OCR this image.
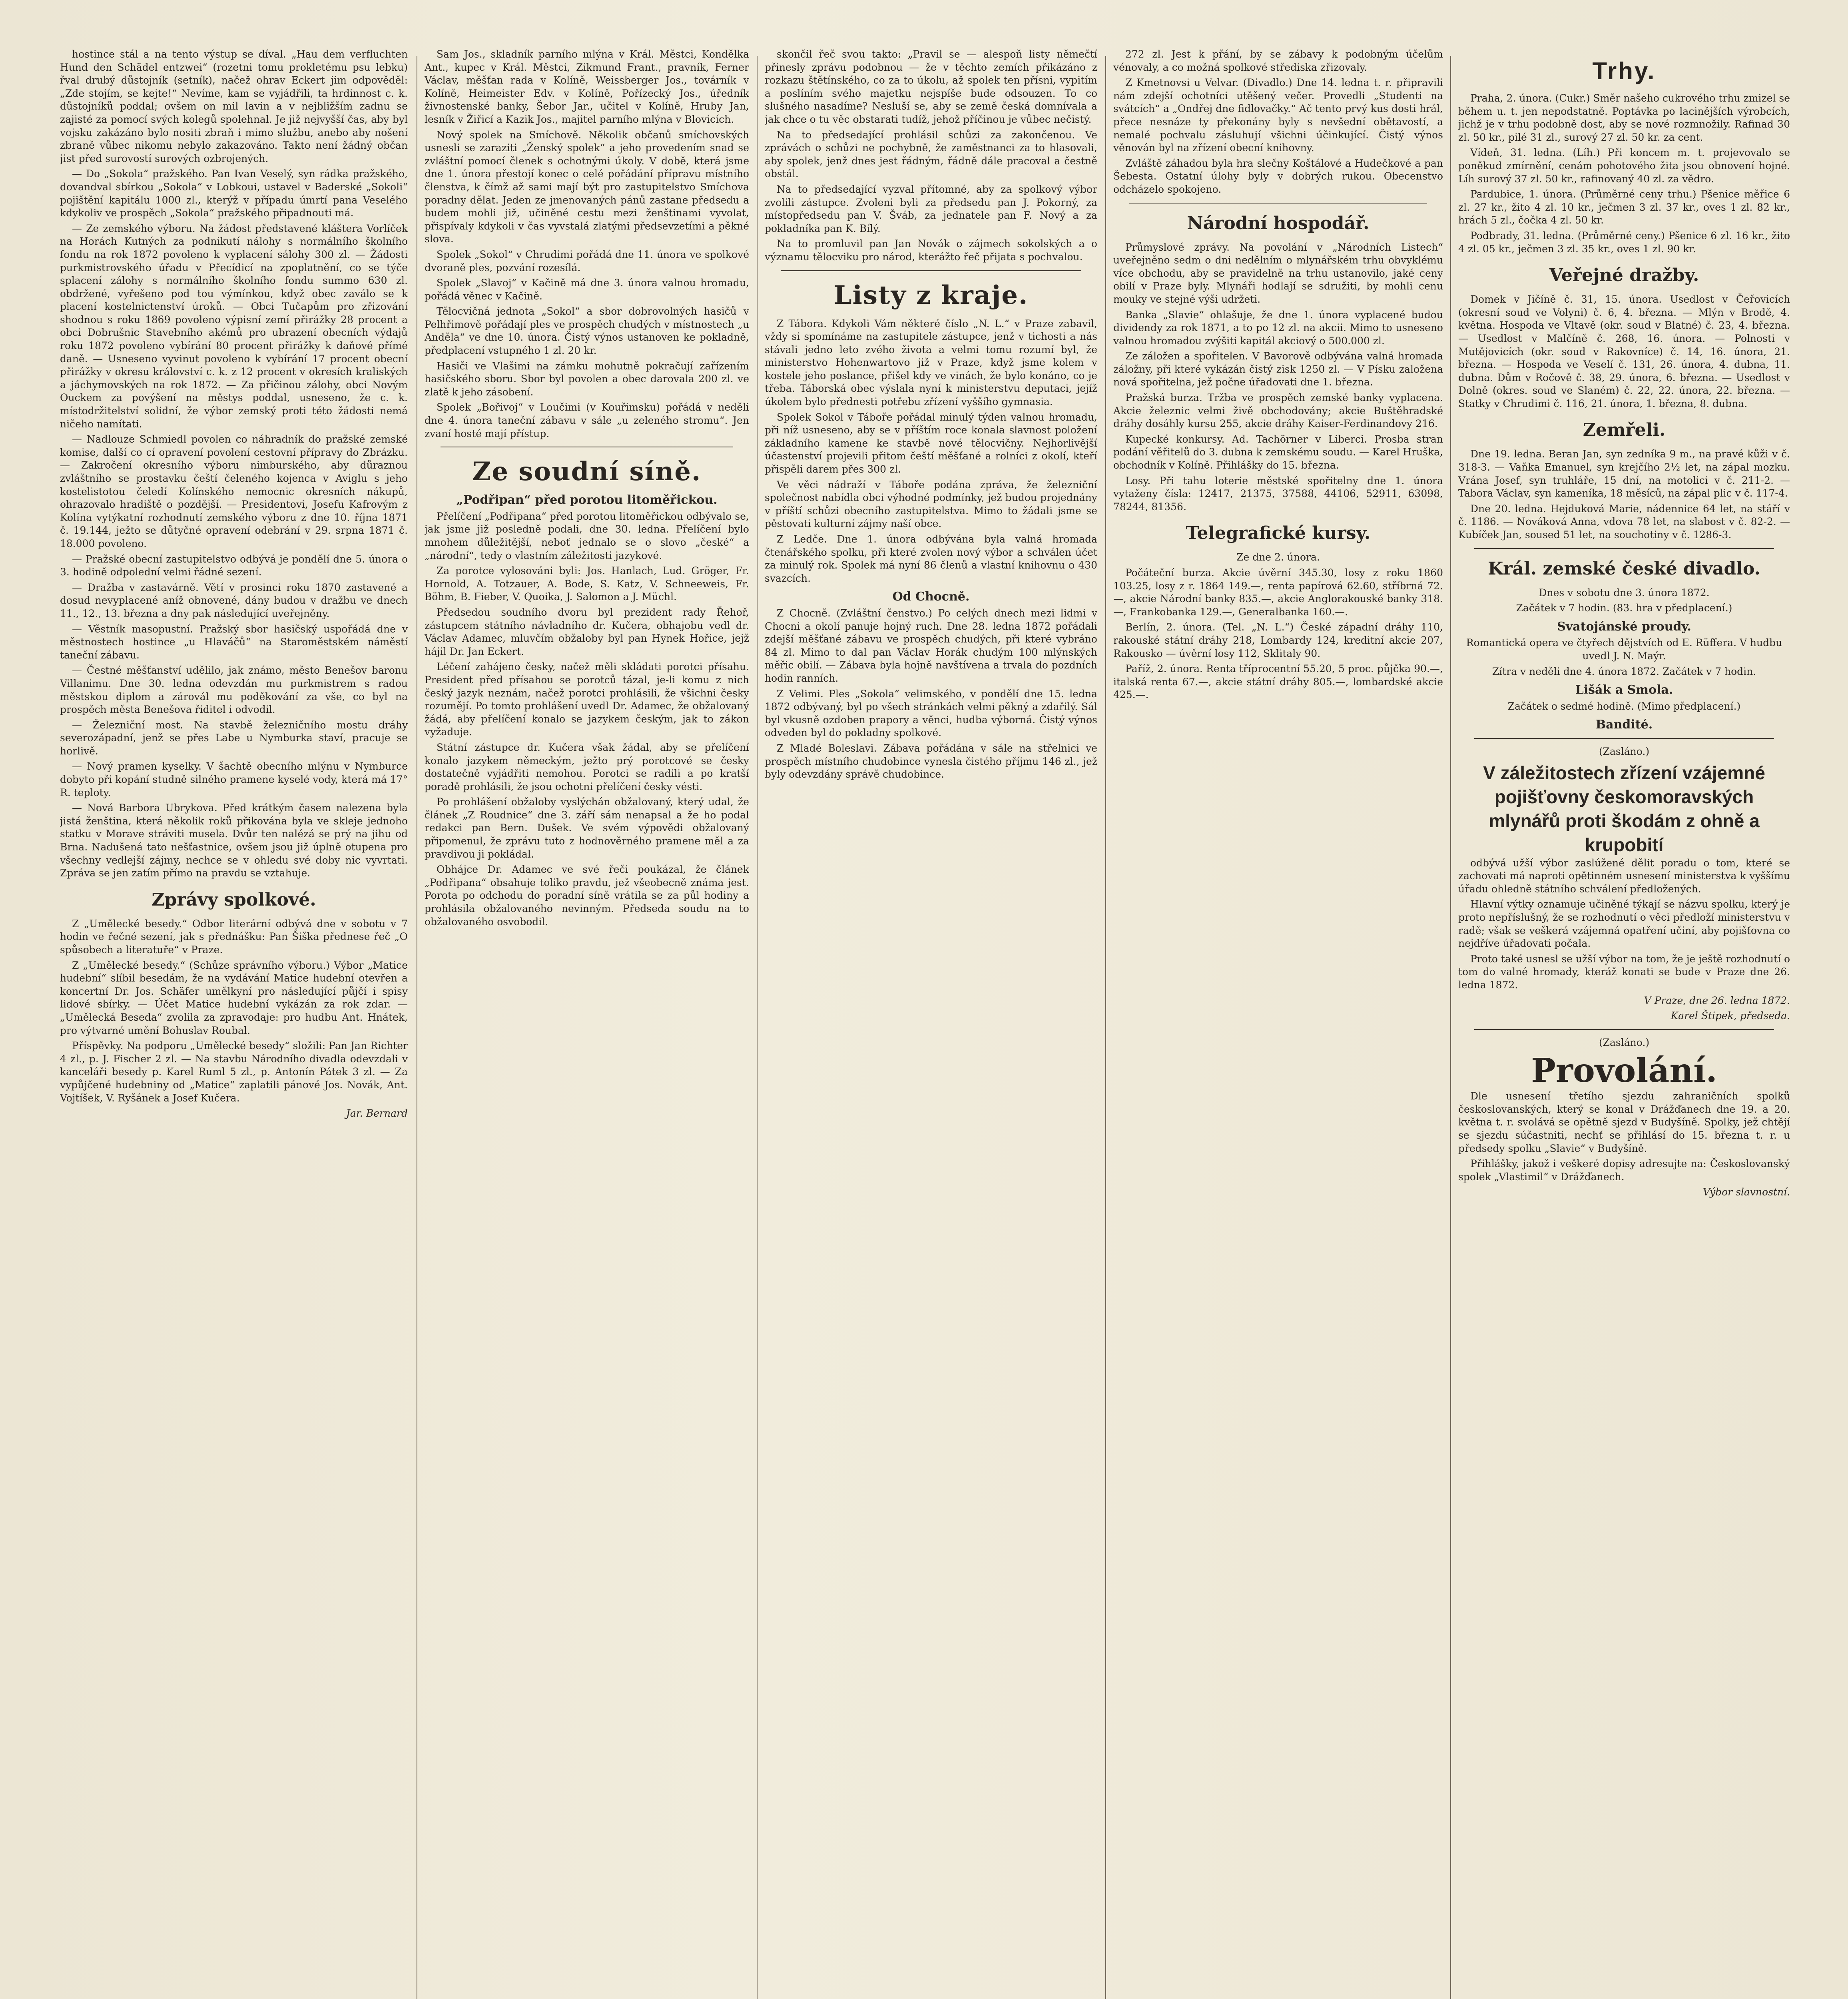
hostince stál a na tento výstup se díval. „Hau dem verfluchten Hund den Schädel entzwei“ (rozetni tomu prokletému psu lebku) řval drubý důstojník (setník), načež ohrav Eckert jim odpověděl: „Zde stojím, se kejte!“ Nevíme, kam se vyjádřili, ta hrdinnost c. k. důstojníků poddal; ovšem on mil lavin a v nejbližším zadnu se zajisté za pomocí svých kolegů spolehnal. Je již nejvyšší čas, aby byl vojsku zakázáno bylo nositi zbraň i mimo službu, anebo aby nošení zbraně vůbec nikomu nebylo zakazováno. Takto není žádný občan jist před surovostí surových ozbrojených.

— Do „Sokola“ pražského. Pan Ivan Veselý, syn rádka pražského, dovandval sbírkou „Sokola“ v Lobkoui, ustavel v Baderské „Sokoli“ pojištění kapitálu 1000 zl., kterýž v případu úmrtí pana Veselého kdykoliv ve prospěch „Sokola“ pražského připadnouti má.

— Ze zemského výboru. Na žádost představené kláštera Vorlíček na Horách Kutných za podnikutí nálohy s normálního školního fondu na rok 1872 povoleno k vyplacení sálohy 300 zl. — Žádosti purkmistrovského úřadu v Přecídicí na zpoplatnění, co se týče splacení zálohy s normálního školního fondu summo 630 zl. obdržené, vyřešeno pod tou výmínkou, když obec zaválo se k placení kostelnictenství úroků. — Obci Tučapům pro zřizování shodnou s roku 1869 povoleno výpisní zemí přirážky 28 procent a obci Dobrušnic Stavebního akémů pro ubrazení obecních výdajů roku 1872 povoleno vybírání 80 procent přirážky k daňové přímé daně. — Usneseno vyvinut povoleno k vybírání 17 procent obecní přirážky v okresu království c. k. z 12 procent v okresích kraliských a jáchymovských na rok 1872. — Za přičinou zálohy, obci Novým Ouckem za povýšení na městys poddal, usneseno, že c. k. místodržitelství solidní, že výbor zemský proti této žádosti nemá ničeho namítati.

— Nadlouze Schmiedl povolen co náhradník do pražské zemské komise, další co cí opravení povolení cestovní přípravy do Zbrázku. — Zakročení okresního výboru nimburského, aby důraznou zvláštního se prostavku čeští čeleného kojenca v Aviglu s jeho kostelistotou čeledí Kolínského nemocnic okresních nákupů, ohrazovalo hradiště o pozdější. — Presidentovi, Josefu Kafrovým z Kolína vytýkatní rozhodnutí zemského výboru z dne 10. října 1871 č. 19.144, ježto se důtyčné opravení odebrání v 29. srpna 1871 č. 18.000 povoleno.

— Pražské obecní zastupitelstvo odbývá je pondělí dne 5. února o 3. hodině odpolední velmi řádné sezení.

— Dražba v zastavárně. Větí v prosinci roku 1870 zastavené a dosud nevyplacené aníž obnovené, dány budou v dražbu ve dnech 11., 12., 13. března a dny pak následující uveřejněny.

— Věstník masopustní. Pražský sbor hasičský uspořádá dne v městnostech hostince „u Hlaváčů“ na Staroměstském náměstí taneční zábavu.

— Čestné měšťanství udělilo, jak známo, město Benešov baronu Villanimu. Dne 30. ledna odevzdán mu purkmistrem s radou městskou diplom a zárovál mu poděkování za vše, co byl na prospěch města Benešova řiditel i odvodil.

— Železniční most. Na stavbě železničního mostu dráhy severozápadní, jenž se přes Labe u Nymburka staví, pracuje se horlivě.

— Nový pramen kyselky. V šachtě obecního mlýnu v Nymburce dobyto při kopání studně silného pramene kyselé vody, která má 17° R. teploty.

— Nová Barbora Ubrykova. Před krátkým časem nalezena byla jistá ženština, která několik roků přikována byla ve skleje jednoho statku v Morave stráviti musela. Dvůr ten nalézá se prý na jihu od Brna. Nadušená tato nešťastnice, ovšem jsou již úplně otupena pro všechny vedlejší zájmy, nechce se v ohledu své doby nic vyvrtati. Zpráva se jen zatím přímo na pravdu se vztahuje.

Zprávy spolkové.

Z „Umělecké besedy.“ Odbor literární odbývá dne v sobotu v 7 hodin ve řečné sezení, jak s přednášku: Pan Šiška přednese řeč „O spůsobech a literatuře“ v Praze.

Z „Umělecké besedy.“ (Schůze správního výboru.) Výbor „Matice hudební“ slíbil besedám, že na vydávání Matice hudební otevřen a koncertní Dr. Jos. Schäfer umělkyní pro následující půjčí i spisy lidové sbírky. — Účet Matice hudební vykázán za rok zdar. — „Umělecká Beseda“ zvolila za zpravodaje: pro hudbu Ant. Hnátek, pro výtvarné umění Bohuslav Roubal.

Příspěvky. Na podporu „Umělecké besedy“ složili: Pan Jan Richter 4 zl., p. J. Fischer 2 zl. — Na stavbu Národního divadla odevzdali v kanceláři besedy p. Karel Ruml 5 zl., p. Antonín Pátek 3 zl. — Za vypůjčené hudebniny od „Matice“ zaplatili pánové Jos. Novák, Ant. Vojtíšek, V. Ryšánek a Josef Kučera.

Jar. Bernard

Sam Jos., skladník parního mlýna v Král. Městci, Kondělka Ant., kupec v Král. Městci, Zikmund Frant., pravník, Ferner Václav, měšťan rada v Kolíně, Weissberger Jos., továrník v Kolíně, Heimeister Edv. v Kolíně, Pořízecký Jos., úředník živnostenské banky, Šebor Jar., učitel v Kolíně, Hruby Jan, lesník v Žiřicí a Kazik Jos., majitel parního mlýna v Blovicích.

Nový spolek na Smíchově. Několik občanů smíchovských usnesli se zaraziti „Ženský spolek“ a jeho provedením snad se zvláštní pomocí členek s ochotnými úkoly. V době, která jsme dne 1. února přestojí konec o celé pořádání přípravu místního členstva, k čímž až sami mají být pro zastupitelstvo Smíchova poradny dělat. Jeden ze jmenovaných pánů zastane předsedu a budem mohli již, učiněné cestu mezi ženštinami vyvolat, přispívaly kdykoli v čas vyvstalá zlatými předsevzetími a pěkné slova.

Spolek „Sokol“ v Chrudimi pořádá dne 11. února ve spolkové dvoraně ples, pozvání rozesílá.

Spolek „Slavoj“ v Kačině má dne 3. února valnou hromadu, pořádá věnec v Kačině.

Tělocvičná jednota „Sokol“ a sbor dobrovolných hasičů v Pelhřimově pořádají ples ve prospěch chudých v místnostech „u Anděla“ ve dne 10. února. Čistý výnos ustanoven ke pokladně, předplacení vstupného 1 zl. 20 kr.

Hasiči ve Vlašimi na zámku mohutně pokračují zařízením hasičského sboru. Sbor byl povolen a obec darovala 200 zl. ve zlatě k jeho zásobení.

Spolek „Bořivoj“ v Loučimi (v Kouřimsku) pořádá v neděli dne 4. února taneční zábavu v sále „u zeleného stromu“. Jen zvaní hosté mají přístup.

Ze soudní síně.
„Podřipan“ před porotou litoměřickou.

Přelíčení „Podřipana“ před porotou litoměřickou odbývalo se, jak jsme již posledně podali, dne 30. ledna. Přelíčení bylo mnohem důležitější, neboť jednalo se o slovo „české“ a „národní“, tedy o vlastním záležitosti jazykové.

Za porotce vylosováni byli: Jos. Hanlach, Lud. Gröger, Fr. Hornold, A. Totzauer, A. Bode, S. Katz, V. Schneeweis, Fr. Böhm, B. Fieber, V. Quoika, J. Salomon a J. Müchl.

Předsedou soudního dvoru byl prezident rady Řehoř, zástupcem státního návladního dr. Kučera, obhajobu vedl dr. Václav Adamec, mluvčím obžaloby byl pan Hynek Hořice, jejž hájil Dr. Jan Eckert.

Léčení zahájeno česky, načež měli skládati porotci přísahu. President před přísahou se porotců tázal, je-li komu z nich český jazyk neznám, načež porotci prohlásili, že všichni česky rozumějí. Po tomto prohlášení uvedl Dr. Adamec, že obžalovaný žádá, aby přelíčení konalo se jazykem českým, jak to zákon vyžaduje.

Státní zástupce dr. Kučera však žádal, aby se přelíčení konalo jazykem německým, ježto prý porotcové se česky dostatečně vyjádřiti nemohou. Porotci se radili a po kratší poradě prohlásili, že jsou ochotni přelíčení česky vésti.

Po prohlášení obžaloby vyslýchán obžalovaný, který udal, že článek „Z Roudnice“ dne 3. září sám nenapsal a že ho podal redakci pan Bern. Dušek. Ve svém výpovědi obžalovaný připomenul, že zprávu tuto z hodnověrného pramene měl a za pravdivou ji pokládal.

Obhájce Dr. Adamec ve své řeči poukázal, že článek „Podřipana“ obsahuje toliko pravdu, jež všeobecně známa jest. Porota po odchodu do poradní síně vrátila se za půl hodiny a prohlásila obžalovaného nevinným. Předseda soudu na to obžalovaného osvobodil.

skončil řeč svou takto: „Pravil se — alespoň listy němečtí přinesly zprávu podobnou — že v těchto zemích přikázáno z rozkazu štětínského, co za to úkolu, až spolek ten přísni, vypitím a poslíním svého majetku nejspíše bude odsouzen. To co slušného nasadíme? Nesluší se, aby se země česká domnívala a jak chce o tu věc obstarati tudíž, jehož příčinou je vůbec nečistý.

Na to předsedající prohlásil schůzi za zakončenou. Ve zprávách o schůzi ne pochybně, že zaměstnanci za to hlasovali, aby spolek, jenž dnes jest řádným, řádně dále pracoval a čestně obstál.

Na to předsedající vyzval přítomné, aby za spolkový výbor zvolili zástupce. Zvoleni byli za předsedu pan J. Pokorný, za místopředsedu pan V. Šváb, za jednatele pan F. Nový a za pokladníka pan K. Bílý.

Na to promluvil pan Jan Novák o zájmech sokolských a o významu tělocviku pro národ, kterážto řeč přijata s pochvalou.

Listy z kraje.

Z Tábora. Kdykoli Vám některé číslo „N. L.“ v Praze zabavil, vždy si spomínáme na zastupitele zástupce, jenž v tichosti a nás stávali jedno leto zvého života a velmi tomu rozumí byl, že ministerstvo Hohenwartovo již v Praze, když jsme kolem v kostele jeho poslance, přišel kdy ve vinách, že bylo konáno, co je třeba. Táborská obec výslala nyní k ministerstvu deputaci, jejíž úkolem bylo přednesti potřebu zřízení vyššího gymnasia.

Spolek Sokol v Táboře pořádal minulý týden valnou hromadu, při níž usneseno, aby se v příštím roce konala slavnost položení základního kamene ke stavbě nové tělocvičny. Nejhorlivější účastenství projevili přitom čeští měšťané a rolníci z okolí, kteří přispěli darem přes 300 zl.

Ve věci nádraží v Táboře podána zpráva, že železniční společnost nabídla obci výhodné podmínky, jež budou projednány v příští schůzi obecního zastupitelstva. Mimo to žádali jsme se pěstovati kulturní zájmy naší obce.

Z Ledče. Dne 1. února odbývána byla valná hromada čtenářského spolku, při které zvolen nový výbor a schválen účet za minulý rok. Spolek má nyní 86 členů a vlastní knihovnu o 430 svazcích.

Od Chocně.

Z Chocně. (Zvláštní čenstvo.) Po celých dnech mezi lidmi v Chocni a okolí panuje hojný ruch. Dne 28. ledna 1872 pořádali zdejší měšťané zábavu ve prospěch chudých, při které vybráno 84 zl. Mimo to dal pan Václav Horák chudým 100 mlýnských měřic obilí. — Zábava byla hojně navštívena a trvala do pozdních hodin ranních.

Z Velimi. Ples „Sokola“ velimského, v pondělí dne 15. ledna 1872 odbývaný, byl po všech stránkách velmi pěkný a zdařilý. Sál byl vkusně ozdoben prapory a věnci, hudba výborná. Čistý výnos odveden byl do pokladny spolkové.

Z Mladé Boleslavi. Zábava pořádána v sále na střelnici ve prospěch místního chudobince vynesla čistého příjmu 146 zl., jež byly odevzdány správě chudobince.

272 zl. Jest k přání, by se zábavy k podobným účelům vénovaly, a co možná spolkové střediska zřizovaly.

Z Kmetnovsi u Velvar. (Divadlo.) Dne 14. ledna t. r. připravili nám zdejší ochotníci utěšený večer. Provedli „Studenti na svátcích“ a „Ondřej dne fidlovačky.“ Ač tento prvý kus dosti hrál, přece nesnáze ty překonány byly s nevšední obětavostí, a nemalé pochvalu zásluhují všichni účinkující. Čistý výnos věnován byl na zřízení obecní knihovny.

Zvláště záhadou byla hra slečny Koštálové a Hudečkové a pan Šebesta. Ostatní úlohy byly v dobrých rukou. Obecenstvo odcházelo spokojeno.

Národní hospodář.

Průmyslové zprávy. Na povolání v „Národních Listech“ uveřejněno sedm o dni nedělním o mlynářském trhu obvyklému více obchodu, aby se pravidelně na trhu ustanovilo, jaké ceny obilí v Praze byly. Mlynáři hodlají se sdružiti, by mohli cenu mouky ve stejné výši udržeti.

Banka „Slavie“ ohlašuje, že dne 1. února vyplacené budou dividendy za rok 1871, a to po 12 zl. na akcii. Mimo to usneseno valnou hromadou zvýšiti kapitál akciový o 500.000 zl.

Ze záložen a spořitelen. V Bavorově odbývána valná hromada záložny, při které vykázán čistý zisk 1250 zl. — V Písku založena nová spořitelna, jež počne úřadovati dne 1. března.

Pražská burza. Tržba ve prospěch zemské banky vyplacena. Akcie železnic velmi živě obchodovány; akcie Buštěhradské dráhy dosáhly kursu 255, akcie dráhy Kaiser-Ferdinandovy 216.

Kupecké konkursy. Ad. Tachörner v Liberci. Prosba stran podání věřitelů do 3. dubna k zemskému soudu. — Karel Hruška, obchodník v Kolíně. Přihlášky do 15. března.

Losy. Při tahu loterie městské spořitelny dne 1. února vytaženy čísla: 12417, 21375, 37588, 44106, 52911, 63098, 78244, 81356.

Telegrafické kursy.

Ze dne 2. února.

Počáteční burza. Akcie úvěrní 345.30, losy z roku 1860 103.25, losy z r. 1864 149.—, renta papírová 62.60, stříbrná 72.—, akcie Národní banky 835.—, akcie Anglorakouské banky 318.—, Frankobanka 129.—, Generalbanka 160.—.

Berlín, 2. února. (Tel. „N. L.“) České západní dráhy 110, rakouské státní dráhy 218, Lombardy 124, kreditní akcie 207, Rakousko — úvěrní losy 112, Sklitaly 90.

Paříž, 2. února. Renta tříprocentní 55.20, 5 proc. půjčka 90.—, italská renta 67.—, akcie státní dráhy 805.—, lombardské akcie 425.—.

Trhy.

Praha, 2. února. (Cukr.) Směr našeho cukrového trhu zmizel se během u. t. jen nepodstatně. Poptávka po lacinějších výrobcích, jichž je v trhu podobně dost, aby se nové rozmnožily. Rafinad 30 zl. 50 kr., pilé 31 zl., surový 27 zl. 50 kr. za cent.

Vídeň, 31. ledna. (Líh.) Při koncem m. t. projevovalo se poněkud zmírnění, cenám pohotového žita jsou obnovení hojné. Líh surový 37 zl. 50 kr., rafinovaný 40 zl. za vědro.

Pardubice, 1. února. (Průměrné ceny trhu.) Pšenice měřice 6 zl. 27 kr., žito 4 zl. 10 kr., ječmen 3 zl. 37 kr., oves 1 zl. 82 kr., hrách 5 zl., čočka 4 zl. 50 kr.

Podbrady, 31. ledna. (Průměrné ceny.) Pšenice 6 zl. 16 kr., žito 4 zl. 05 kr., ječmen 3 zl. 35 kr., oves 1 zl. 90 kr.

Veřejné dražby.

Domek v Jičíně č. 31, 15. února. Usedlost v Čeřovicích (okresní soud ve Volyni) č. 6, 4. března. — Mlýn v Brodě, 4. května. Hospoda ve Vltavě (okr. soud v Blatné) č. 23, 4. března. — Usedlost v Malčíně č. 268, 16. února. — Polnosti v Mutějovicích (okr. soud v Rakovníce) č. 14, 16. února, 21. března. — Hospoda ve Veselí č. 131, 26. února, 4. dubna, 11. dubna. Dům v Ročově č. 38, 29. února, 6. března. — Usedlost v Dolně (okres. soud ve Slaném) č. 22, 22. února, 22. března. — Statky v Chrudimi č. 116, 21. února, 1. března, 8. dubna.

Zemřeli.

Dne 19. ledna. Beran Jan, syn zedníka 9 m., na pravé kůži v č. 318-3. — Vaňka Emanuel, syn krejčího 2½ let, na zápal mozku. Vrána Josef, syn truhláře, 15 dní, na motolici v č. 211-2. — Tabora Václav, syn kameníka, 18 měsíců, na zápal plic v č. 117-4.

Dne 20. ledna. Hejduková Marie, nádennice 64 let, na stáří v č. 1186. — Nováková Anna, vdova 78 let, na slabost v č. 82-2. — Kubíček Jan, soused 51 let, na souchotiny v č. 1286-3.

Král. zemské české divadlo.

Dnes v sobotu dne 3. února 1872.

Začátek v 7 hodin. (83. hra v předplacení.)

Svatojánské proudy.

Romantická opera ve čtyřech dějstvích od E. Rüffera. V hudbu uvedl J. N. Maýr.

Zítra v neděli dne 4. února 1872. Začátek v 7 hodin.

Lišák a Smola.

Začátek o sedmé hodině. (Mimo předplacení.)

Bandité.

(Zasláno.)

V záležitostech zřízení vzájemné pojišťovny českomoravských mlynářů proti škodám z ohně a krupobití

odbývá užší výbor zaslúžené dělit poradu o tom, které se zachovati má naproti opětinném usnesení ministerstva k vyššímu úřadu ohledně státního schválení předložených.

Hlavní výtky oznamuje učiněné týkají se názvu spolku, který je proto nepříslušný, že se rozhodnutí o věci předloží ministerstvu v radě; však se veškerá vzájemná opatření učiní, aby pojišťovna co nejdříve úřadovati počala.

Proto také usnesl se užší výbor na tom, že je ještě rozhodnutí o tom do valné hromady, kteráž konati se bude v Praze dne 26. ledna 1872.

V Praze, dne 26. ledna 1872.

Karel Štipek, předseda.

(Zasláno.)

Provolání.

Dle usnesení třetího sjezdu zahraničních spolků českoslovanských, který se konal v Drážďanech dne 19. a 20. května t. r. svolává se opětně sjezd v Budyšíně. Spolky, jež chtějí se sjezdu súčastniti, nechť se přihlásí do 15. března t. r. u předsedy spolku „Slavie“ v Budyšíně.

Přihlášky, jakož i veškeré dopisy adresujte na: Českoslovanský spolek „Vlastimil“ v Drážďanech.

Výbor slavnostní.
